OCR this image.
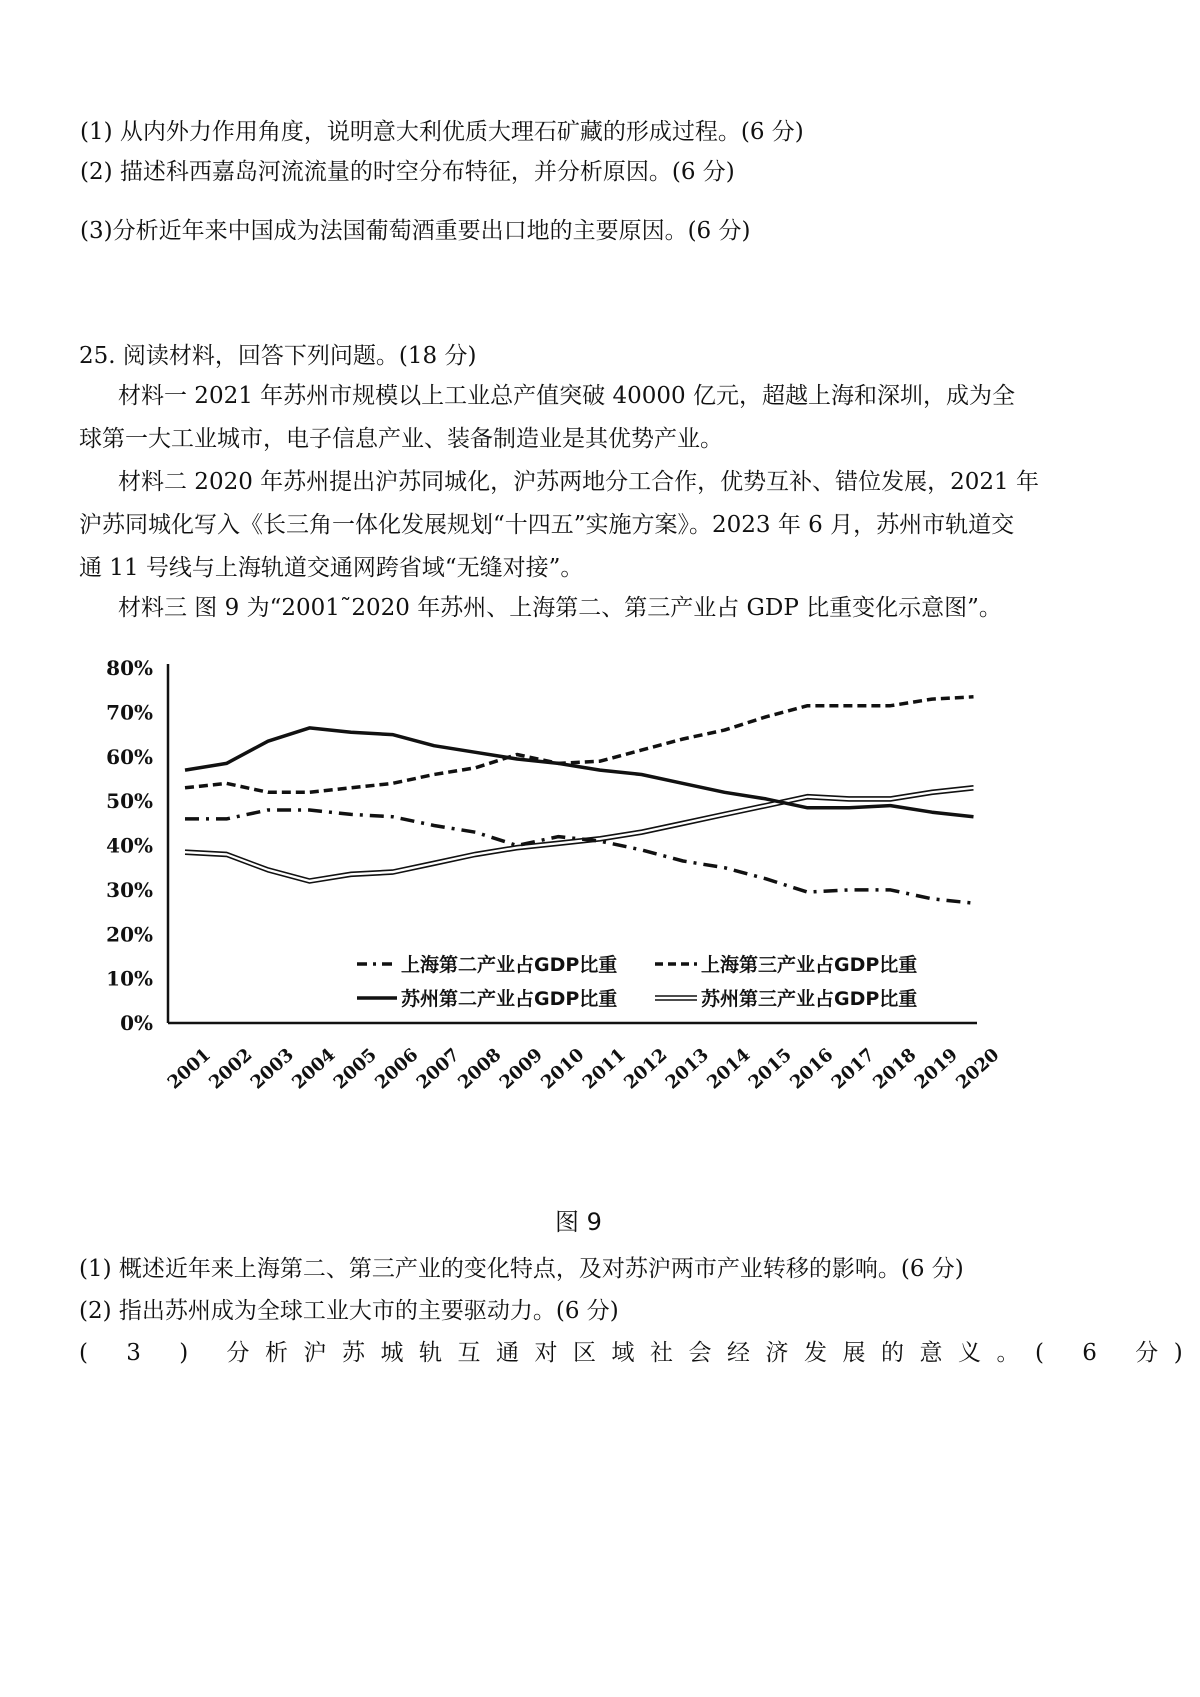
(1) 从内外力作用角度，说明意大利优质大理石矿藏的形成过程。(6 分)
(2) 描述科西嘉岛河流流量的时空分布特征，并分析原因。(6 分)
(3)分析近年来中国成为法国葡萄酒重要出口地的主要原因。(6 分)
25. 阅读材料，回答下列问题。(18 分)
材料一 2021 年苏州市规模以上工业总产值突破 40000 亿元，超越上海和深圳，成为全
球第一大工业城市，电子信息产业、装备制造业是其优势产业。
材料二 2020 年苏州提出沪苏同城化，沪苏两地分工合作，优势互补、错位发展，2021 年
沪苏同城化写入《长三角一体化发展规划“十四五”实施方案》。2023 年 6 月，苏州市轨道交
通 11 号线与上海轨道交通网跨省域“无缝对接”。
材料三 图 9 为“2001˜2020 年苏州、上海第二、第三产业占 GDP 比重变化示意图”。
0%
10%
20%
30%
40%
50%
60%
70%
80%
2001
2002
2003
2004
2005
2006
2007
2008
2009
2010
2011
2012
2013
2014
2015
2016
2017
2018
2019
2020
上海第二产业占GDP比重	上海第三产业占GDP比重
苏州第二产业占GDP比重	苏州第三产业占GDP比重
图 9
(1) 概述近年来上海第二、第三产业的变化特点，及对苏沪两市产业转移的影响。(6 分)
(2) 指出苏州成为全球工业大市的主要驱动力。(6 分)
( 3 ) 分析沪苏城轨互通对区域社会经济发展的意义。( 6 分)
